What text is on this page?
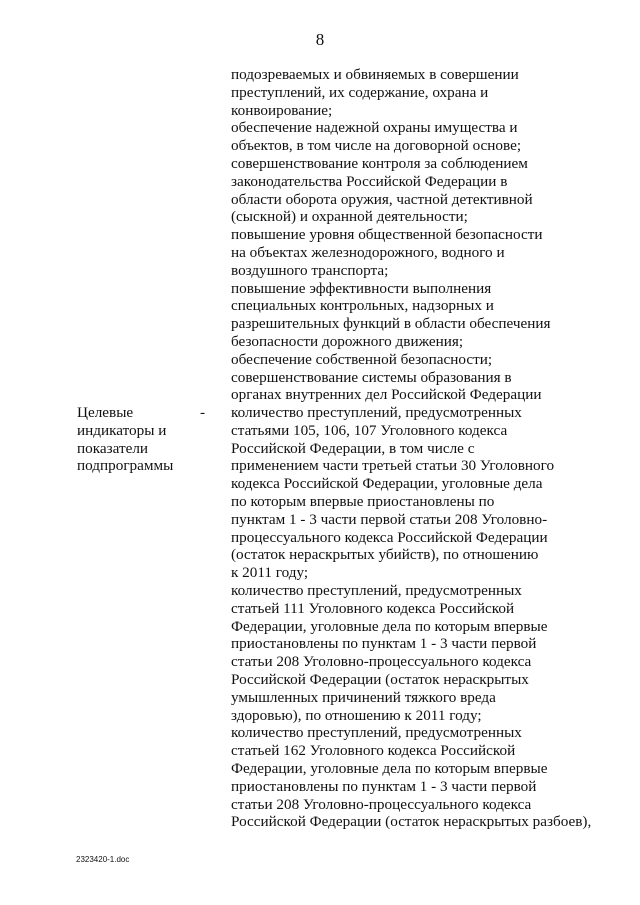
8
подозреваемых и обвиняемых в совершении
преступлений, их содержание, охрана и
конвоирование;
обеспечение надежной охраны имущества и
объектов, в том числе на договорной основе;
совершенствование контроля за соблюдением
законодательства Российской Федерации в
области оборота оружия, частной детективной
(сыскной) и охранной деятельности;
повышение уровня общественной безопасности
на объектах железнодорожного, водного и
воздушного транспорта;
повышение эффективности выполнения
специальных контрольных, надзорных и
разрешительных функций в области обеспечения
безопасности дорожного движения;
обеспечение собственной безопасности;
совершенствование системы образования в
органах внутренних дел Российской Федерации
Целевые
индикаторы и
показатели
подпрограммы
- количество преступлений, предусмотренных
статьями 105, 106, 107 Уголовного кодекса
Российской Федерации, в том числе с
применением части третьей статьи 30 Уголовного
кодекса Российской Федерации, уголовные дела
по которым впервые приостановлены по
пунктам 1 - 3 части первой статьи 208 Уголовно-
процессуального кодекса Российской Федерации
(остаток нераскрытых убийств), по отношению
к 2011 году;
количество преступлений, предусмотренных
статьей 111 Уголовного кодекса Российской
Федерации, уголовные дела по которым впервые
приостановлены по пунктам 1 - 3 части первой
статьи 208 Уголовно-процессуального кодекса
Российской Федерации (остаток нераскрытых
умышленных причинений тяжкого вреда
здоровью), по отношению к 2011 году;
количество преступлений, предусмотренных
статьей 162 Уголовного кодекса Российской
Федерации, уголовные дела по которым впервые
приостановлены по пунктам 1 - 3 части первой
статьи 208 Уголовно-процессуального кодекса
Российской Федерации (остаток нераскрытых разбоев),
2323420-1.doc
